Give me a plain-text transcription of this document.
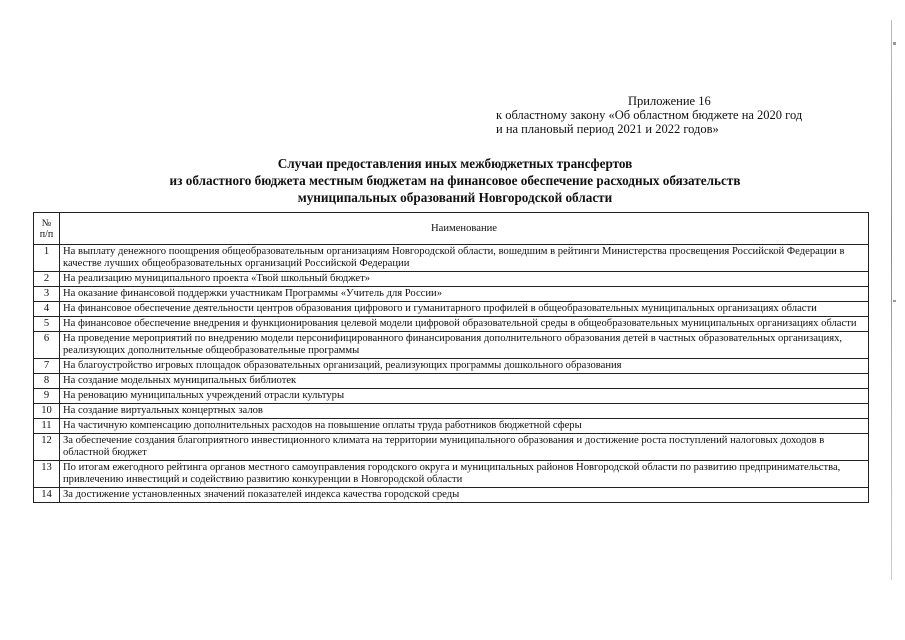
Приложение 16
к областному закону «Об областном бюджете на 2020 год
и на плановый период 2021 и 2022 годов»
Случаи предоставления иных межбюджетных трансфертов
из областного бюджета местным бюджетам на финансовое обеспечение расходных обязательств
муниципальных образований Новгородской области
№
п/п	Наименование
1	На выплату денежного поощрения общеобразовательным организациям Новгородской области, вошедшим в рейтинги Министерства просвещения Российской Федерации в качестве лучших общеобразовательных организаций Российской Федерации
2	На реализацию муниципального проекта «Твой школьный бюджет»
3	На оказание финансовой поддержки участникам Программы «Учитель для России»
4	На финансовое обеспечение деятельности центров образования цифрового и гуманитарного профилей в общеобразовательных муниципальных организациях области
5	На финансовое обеспечение внедрения и функционирования целевой модели цифровой образовательной среды в общеобразовательных муниципальных организациях области
6	На проведение мероприятий по внедрению модели персонифицированного финансирования дополнительного образования детей в частных образовательных организациях, реализующих дополнительные общеобразовательные программы
7	На благоустройство игровых площадок образовательных организаций, реализующих программы дошкольного образования
8	На создание модельных муниципальных библиотек
9	На реновацию муниципальных учреждений отрасли культуры
10	На создание виртуальных концертных залов
11	На частичную компенсацию дополнительных расходов на повышение оплаты труда работников бюджетной сферы
12	За обеспечение создания благоприятного инвестиционного климата на территории муниципального образования и достижение роста поступлений налоговых доходов в областной бюджет
13	По итогам ежегодного рейтинга органов местного самоуправления городского округа и муниципальных районов Новгородской области по развитию предпринимательства, привлечению инвестиций и содействию развитию конкуренции в Новгородской области
14	За достижение установленных значений показателей индекса качества городской среды
